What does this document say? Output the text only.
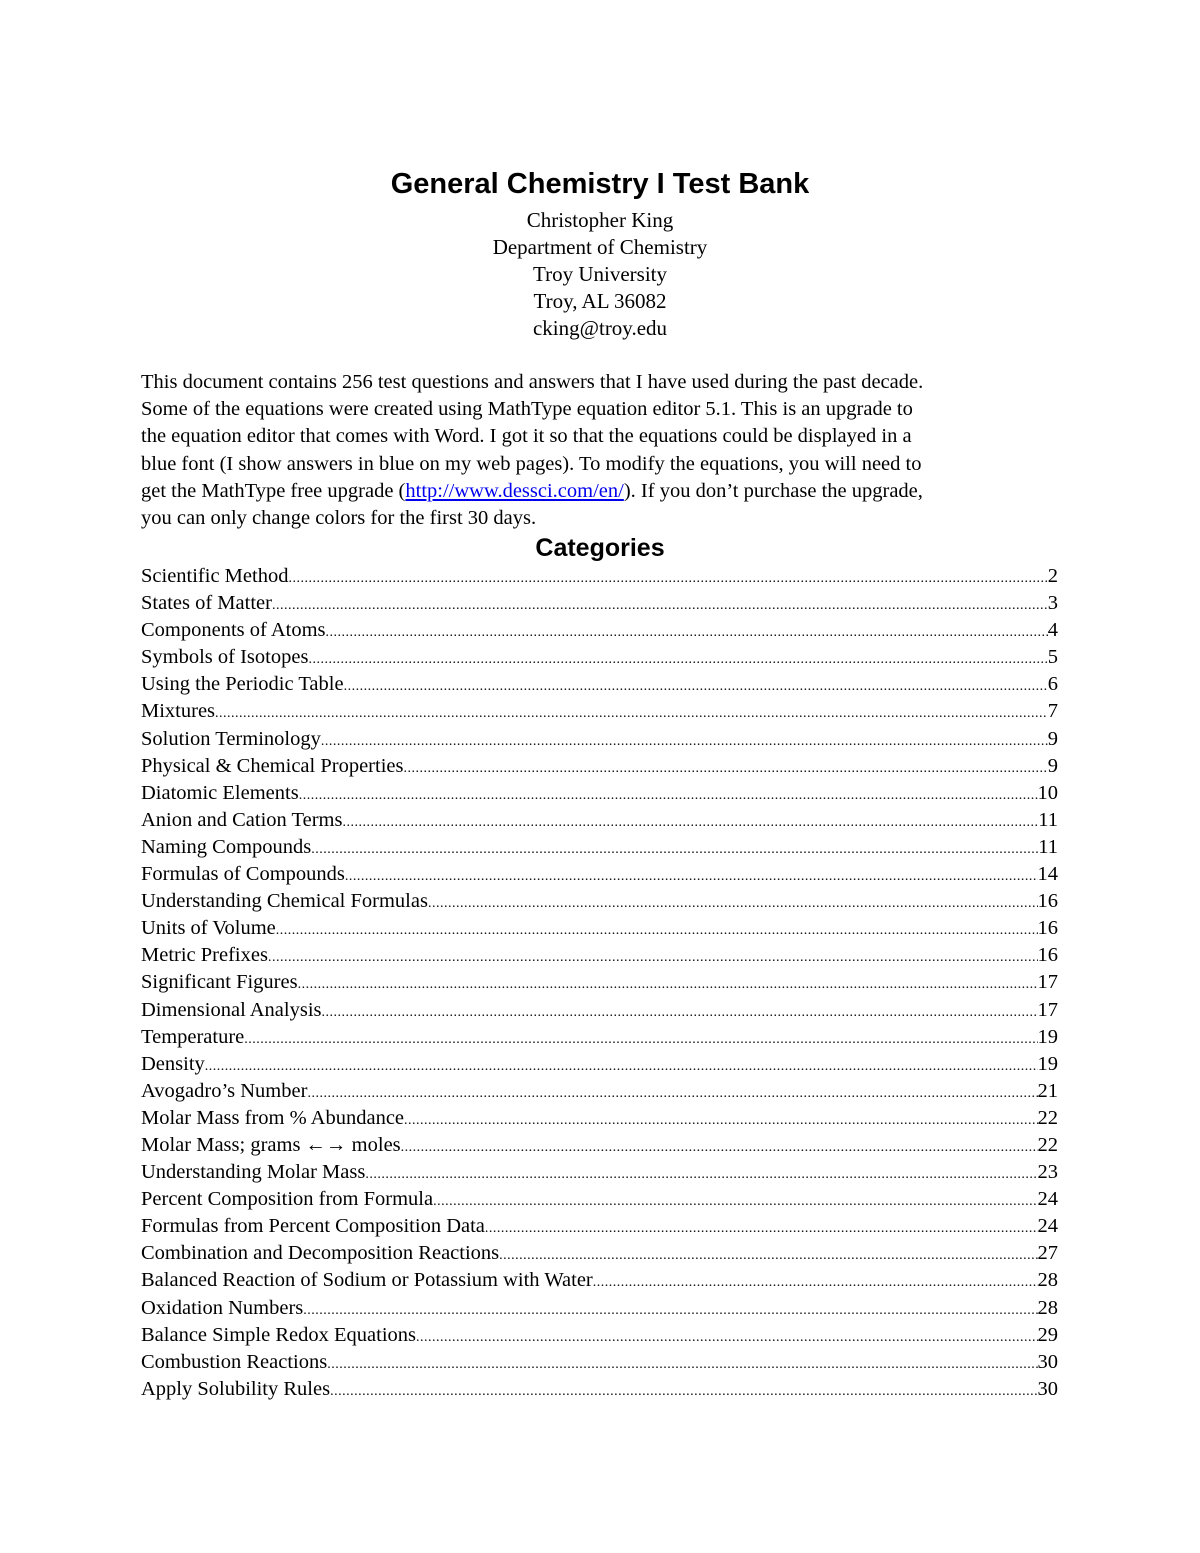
General Chemistry I Test Bank
Christopher King
Department of Chemistry
Troy University
Troy, AL 36082
cking@troy.edu
This document contains 256 test questions and answers that I have used during the past decade.
Some of the equations were created using MathType equation editor 5.1. This is an upgrade to
the equation editor that comes with Word. I got it so that the equations could be displayed in a
blue font (I show answers in blue on my web pages). To modify the equations, you will need to
get the MathType free upgrade (http://www.dessci.com/en/). If you don’t purchase the upgrade,
you can only change colors for the first 30 days.
Categories
Scientific Method .....	2
States of Matter .....	3
Components of Atoms .....	4
Symbols of Isotopes .....	5
Using the Periodic Table .....	6
Mixtures .....	7
Solution Terminology .....	9
Physical & Chemical Properties .....	9
Diatomic Elements .....	10
Anion and Cation Terms .....	11
Naming Compounds .....	11
Formulas of Compounds .....	14
Understanding Chemical Formulas .....	16
Units of Volume .....	16
Metric Prefixes .....	16
Significant Figures .....	17
Dimensional Analysis .....	17
Temperature .....	19
Density .....	19
Avogadro’s Number .....	21
Molar Mass from % Abundance .....	22
Molar Mass; grams ←→ moles .....	22
Understanding Molar Mass .....	23
Percent Composition from Formula .....	24
Formulas from Percent Composition Data .....	24
Combination and Decomposition Reactions .....	27
Balanced Reaction of Sodium or Potassium with Water .....	28
Oxidation Numbers .....	28
Balance Simple Redox Equations .....	29
Combustion Reactions .....	30
Apply Solubility Rules .....	30
